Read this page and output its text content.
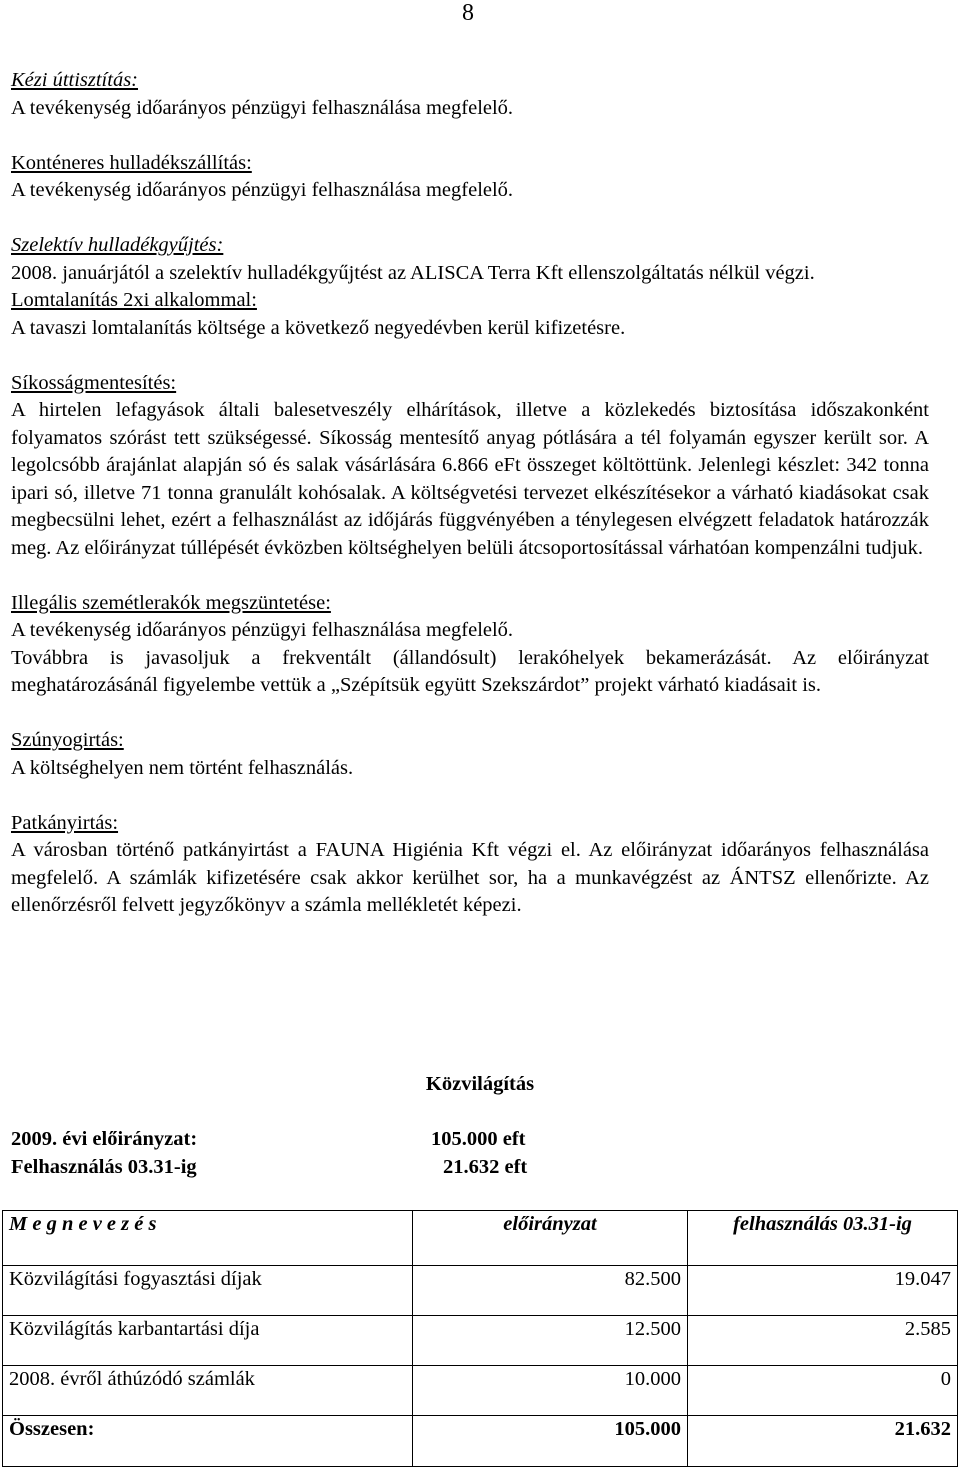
8

Kézi úttisztítás:

A tevékenység időarányos pénzügyi felhasználása megfelelő.

Konténeres hulladékszállítás:

A tevékenység időarányos pénzügyi felhasználása megfelelő.

Szelektív hulladékgyűjtés:

2008. januárjától a szelektív hulladékgyűjtést az ALISCA Terra Kft ellenszolgáltatás nélkül végzi.

Lomtalanítás 2xi alkalommal:

A tavaszi lomtalanítás költsége a következő negyedévben kerül kifizetésre.

Síkosságmentesítés:

A hirtelen lefagyások általi balesetveszély elhárítások, illetve a közlekedés biztosítása időszakonként folyamatos szórást tett szükségessé. Síkosság mentesítő anyag pótlására a tél folyamán egyszer került sor. A legolcsóbb árajánlat alapján só és salak vásárlására 6.866 eFt összeget költöttünk. Jelenlegi készlet: 342 tonna ipari só, illetve 71 tonna granulált kohósalak. A költségvetési tervezet elkészítésekor a várható kiadásokat csak megbecsülni lehet, ezért a felhasználást az időjárás függvényében a ténylegesen elvégzett feladatok határozzák meg. Az előirányzat túllépését évközben költséghelyen belüli átcsoportosítással várhatóan kompenzálni tudjuk.

Illegális szemétlerakók megszüntetése:

A tevékenység időarányos pénzügyi felhasználása megfelelő.

Továbbra is javasoljuk a frekventált (állandósult) lerakóhelyek bekamerázását. Az előirányzat meghatározásánál figyelembe vettük a „Szépítsük együtt Szekszárdot” projekt várható kiadásait is.

Szúnyogirtás:

A költséghelyen nem történt felhasználás.

Patkányirtás:

A városban történő patkányirtást a FAUNA Higiénia Kft végzi el. Az előirányzat időarányos felhasználása megfelelő. A számlák kifizetésére csak akkor kerülhet sor, ha a munkavégzést az ÁNTSZ ellenőrizte. Az ellenőrzésről felvett jegyzőkönyv a számla mellékletét képezi.

Közvilágítás
2009. évi előirányzat:	105.000 eft
Felhasználás 03.31-ig	21.632 eft
M e g n e v e z é s	előirányzat	felhasználás 03.31-ig
Közvilágítási fogyasztási díjak	82.500	19.047
Közvilágítás karbantartási díja	12.500	2.585
2008. évről áthúzódó számlák	10.000	0
Összesen:	105.000	21.632
